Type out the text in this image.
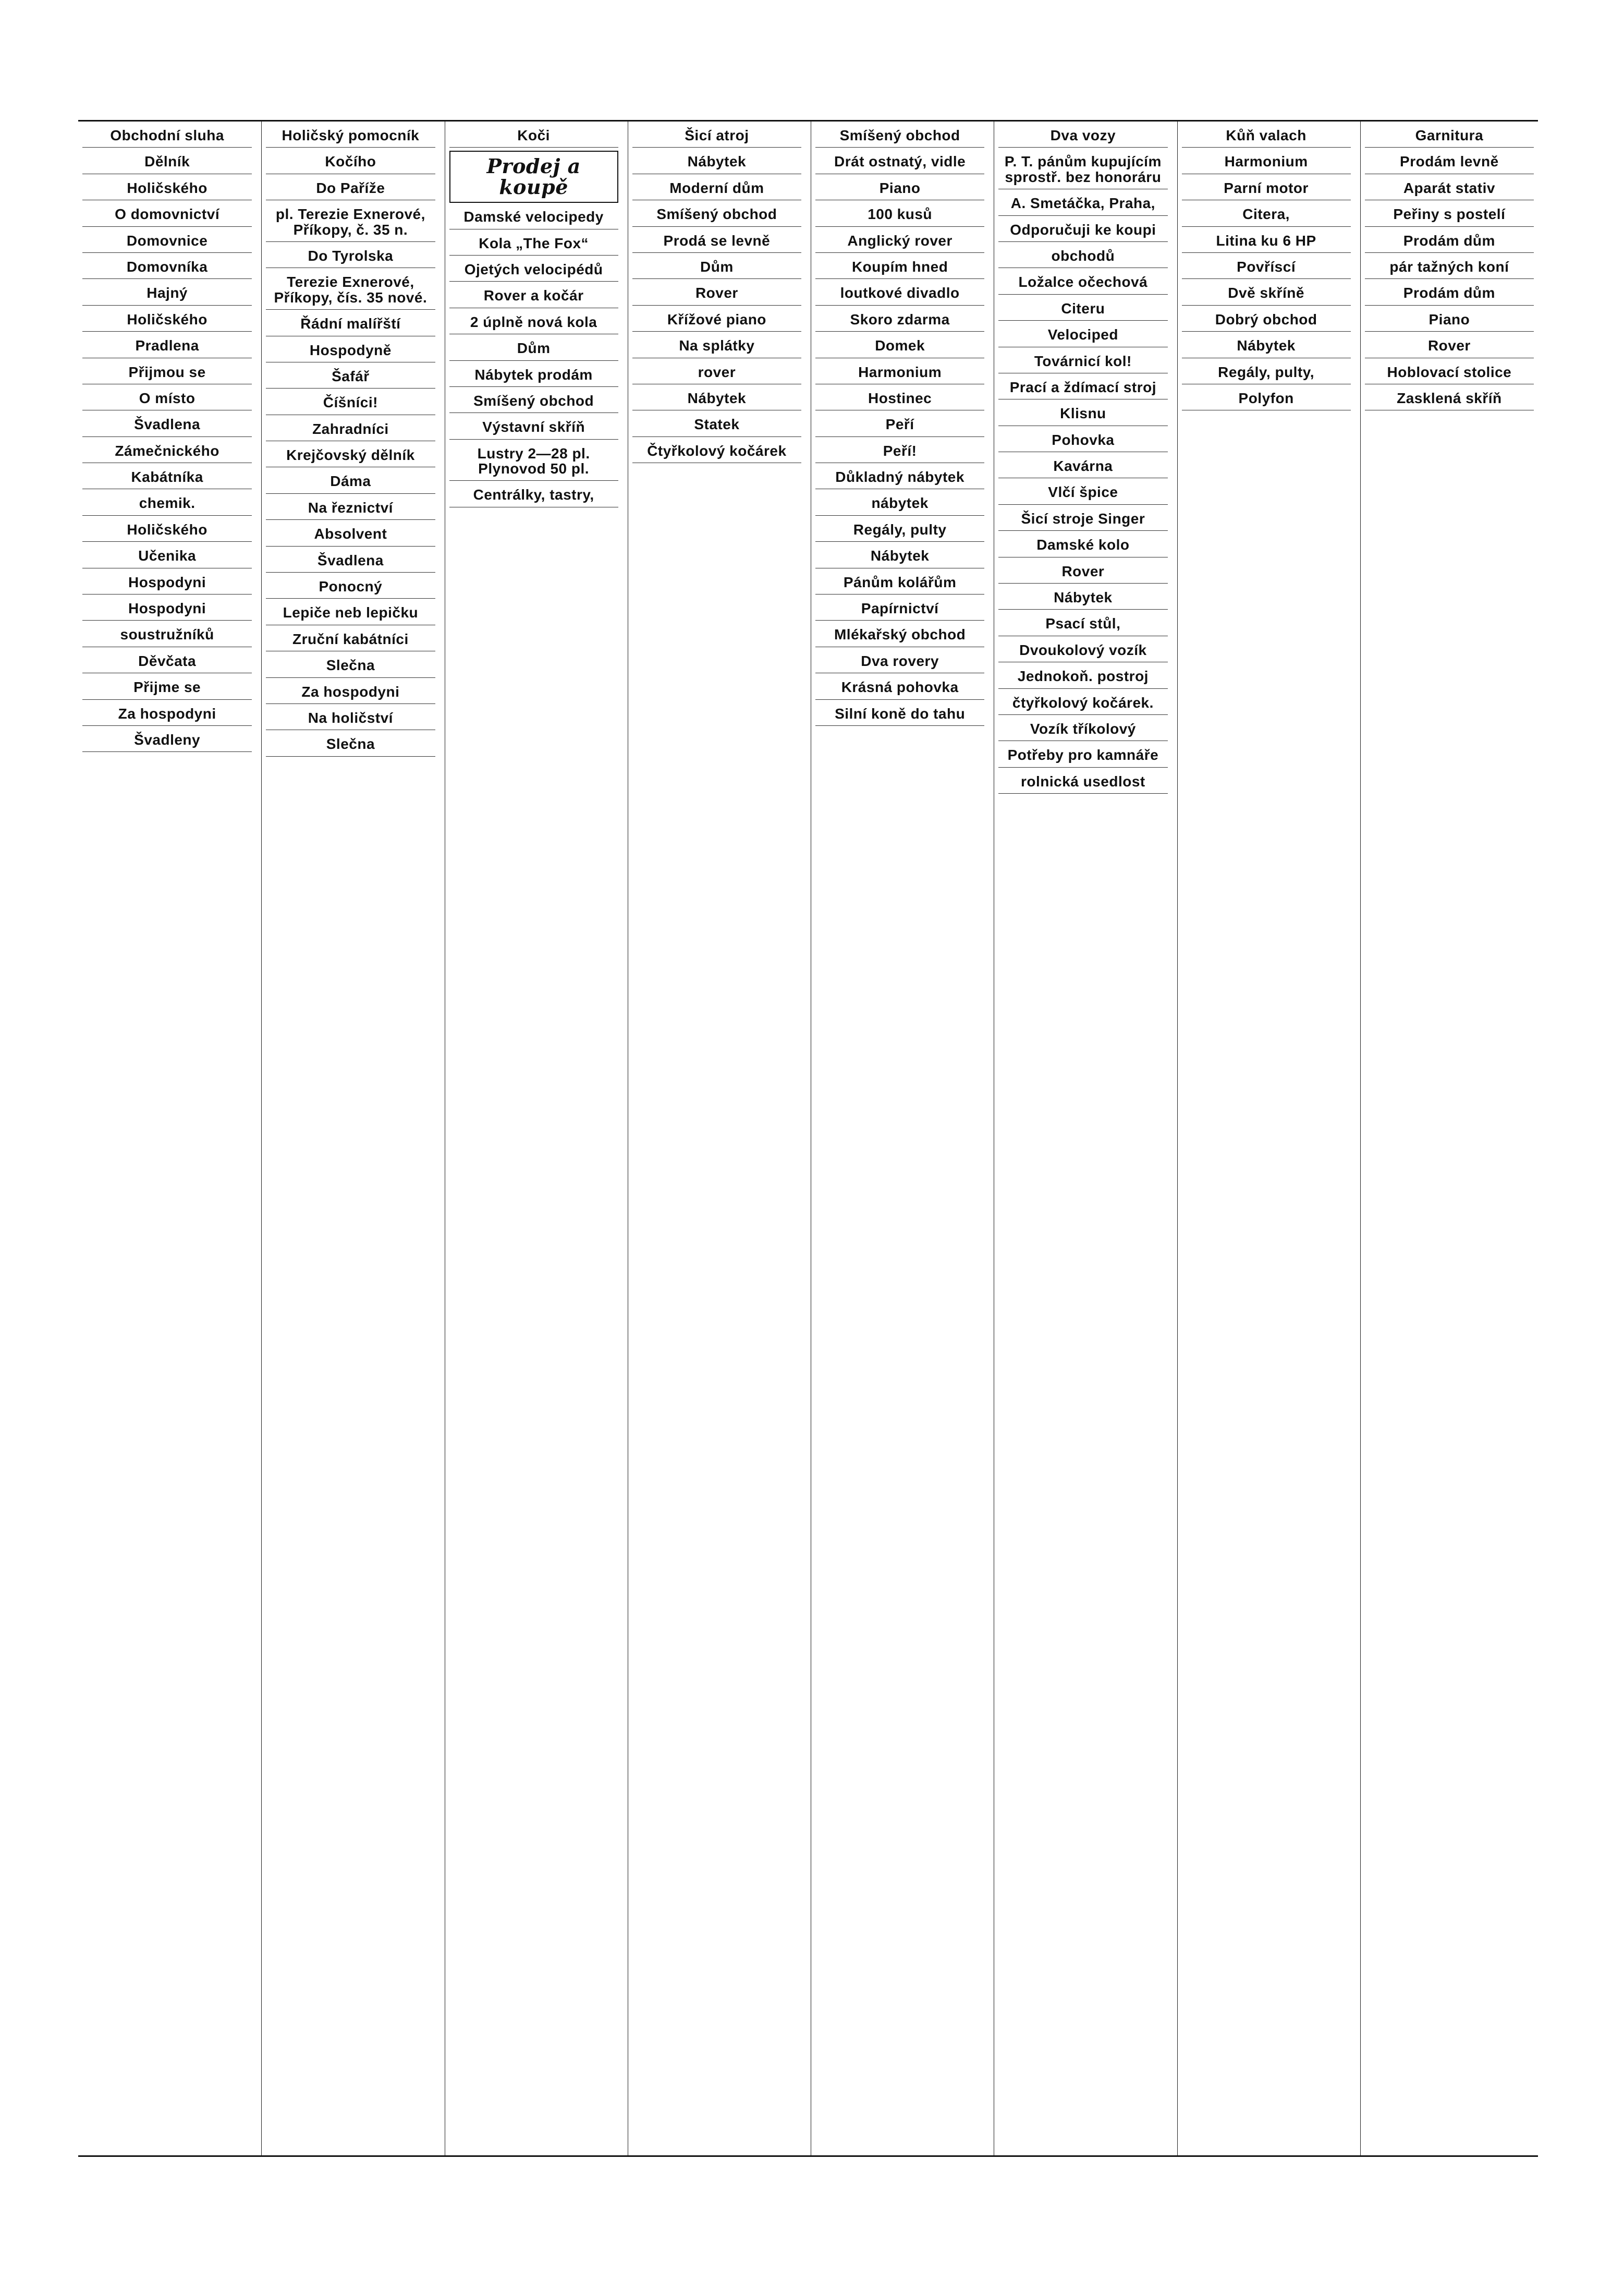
Obchodní sluha
Dělník
Holičského
O domovnictví
Domovnice
Domovníka
Hajný
Holičského
Pradlena
Přijmou se
O místo
Švadlena
Zámečnického
Kabátníka
chemik.
Holičského
Učenika
Hospodyni
Hospodyni
soustružníků
Děvčata
Přijme se
Za hospodyni
Švadleny
Holičský pomocník
Kočího
Do Paříže
pl. Terezie Exnerové, Příkopy, č. 35 n.
Do Tyrolska
Terezie Exnerové, Příkopy, čís. 35 nové.
Řádní malířští
Hospodyně
Šafář
Číšníci!
Zahradníci
Krejčovský dělník
Dáma
Na řeznictví
Absolvent
Švadlena
Ponocný
Lepiče neb lepičku
Zruční kabátníci
Slečna
Za hospodyni
Na holičství
Slečna
Koči
Prodej a koupě
Damské velocipedy
Kola „The Fox“
Ojetých velocipédů
Rover a kočár
2 úplně nová kola
Dům
Nábytek prodám
Smíšený obchod
Výstavní skříň
Lustry 2—28 pl. Plynovod 50 pl.
Centrálky, tastry,
Šicí atroj
Nábytek
Moderní dům
Smíšený obchod
Prodá se levně
Dům
Rover
Křížové piano
Na splátky
rover
Nábytek
Statek
Čtyřkolový kočárek
Smíšený obchod
Drát ostnatý, vidle
Piano
100 kusů
Anglický rover
Koupím hned
loutkové divadlo
Skoro zdarma
Domek
Harmonium
Hostinec
Peří
Peří!
Důkladný nábytek
nábytek
Regály, pulty
Nábytek
Pánům kolářům
Papírnictví
Mlékařský obchod
Dva rovery
Krásná pohovka
Silní koně do tahu
Dva vozy
P. T. pánům kupujícím sprostř. bez honoráru
A. Smetáčka, Praha,
Odporučuji ke koupi
obchodů
Ložalce očechová
Citeru
Velociped
Továrnicí kol!
Prací a ždímací stroj
Klisnu
Pohovka
Kavárna
Vlčí špice
Šicí stroje Singer
Damské kolo
Rover
Nábytek
Psací stůl,
Dvoukolový vozík
Jednokoň. postroj
čtyřkolový kočárek.
Vozík tříkolový
Potřeby pro kamnáře
rolnická usedlost
Kůň valach
Harmonium
Parní motor
Citera,
Litina ku 6 HP
Povříscí
Dvě skříně
Dobrý obchod
Nábytek
Regály, pulty,
Polyfon
Garnitura
Prodám levně
Aparát stativ
Peřiny s postelí
Prodám dům
pár tažných koní
Prodám dům
Piano
Rover
Hoblovací stolice
Zasklená skříň
